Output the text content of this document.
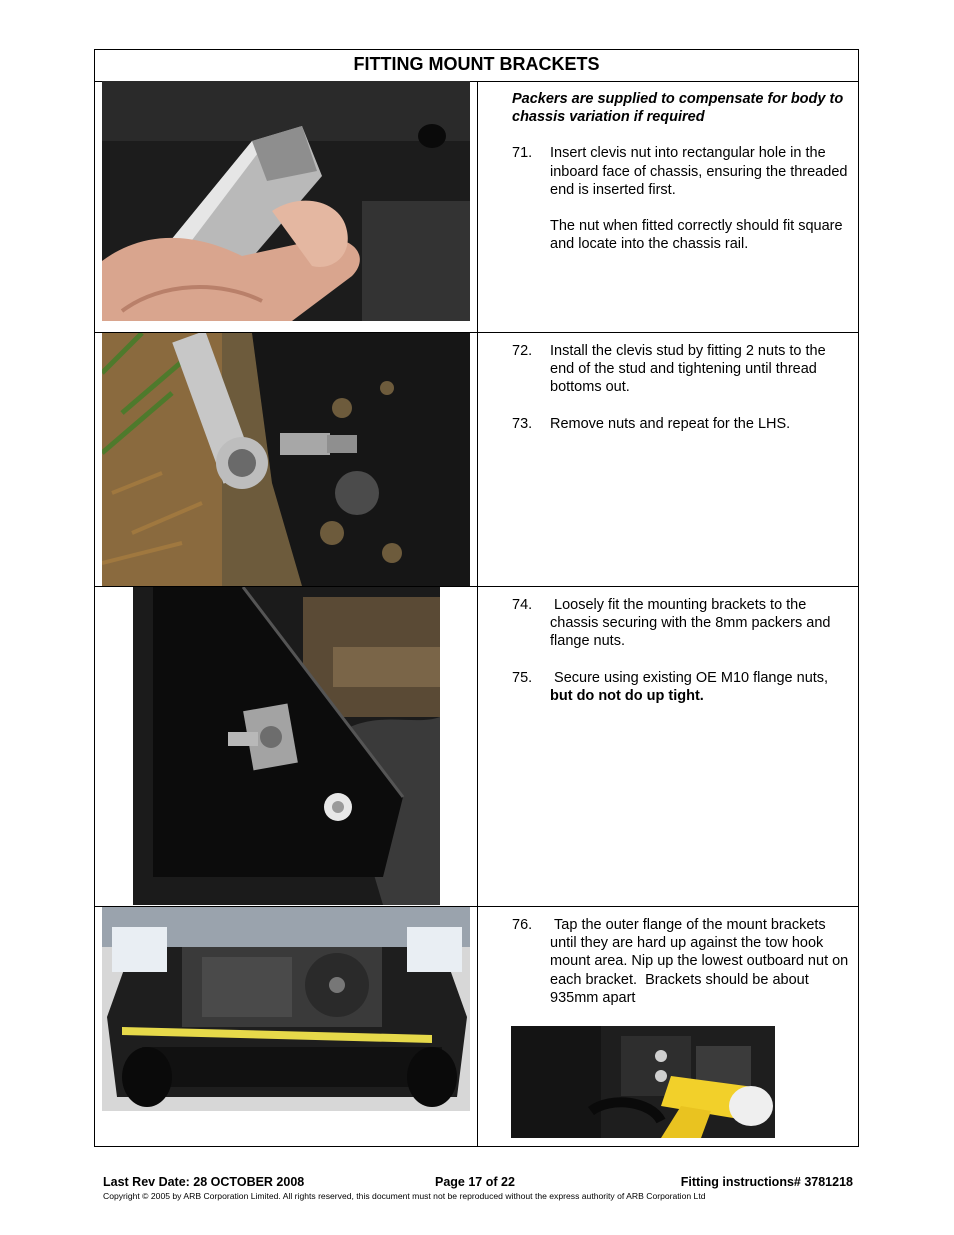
FITTING MOUNT BRACKETS

Packers are supplied to compensate for body to chassis variation if required

71.	Insert clevis nut into rectangular hole in the inboard face of chassis, ensuring the threaded end is inserted first.

The nut when fitted correctly should fit square and locate into the chassis rail.

72.	Install the clevis stud by fitting 2 nuts to the end of the stud and tightening until thread bottoms out.
73.	Remove nuts and repeat for the LHS.
74.	Loosely fit the mounting brackets to the chassis securing with the 8mm packers and flange nuts.
75.	Secure using existing OE M10 flange nuts, but do not do up tight.
76.	Tap the outer flange of the mount brackets until they are hard up against the tow hook mount area. Nip up the lowest outboard nut on each bracket.  Brackets should be about 935mm apart
Last Rev Date: 28 OCTOBER 2008	Page 17 of 22	Fitting instructions# 3781218
Copyright © 2005 by ARB Corporation Limited. All rights reserved, this document must not be reproduced without the express authority of ARB Corporation Ltd
